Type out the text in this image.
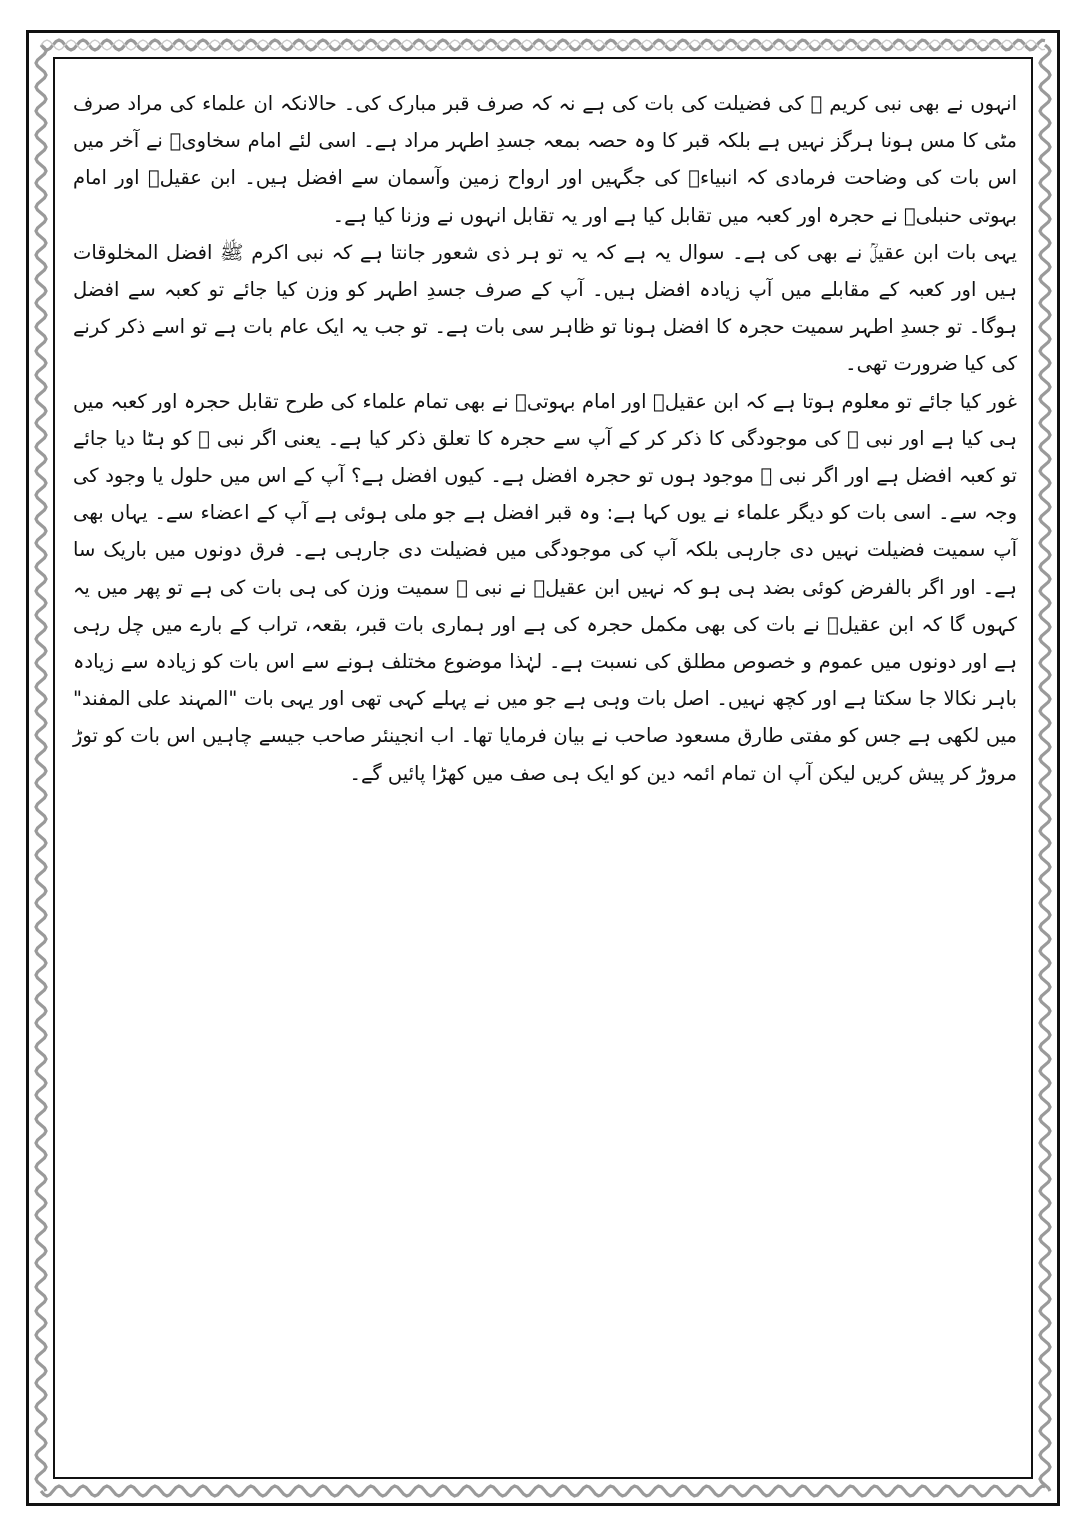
انہوں نے بھی نبی کریم ﷺ کی فضیلت کی بات کی ہے نہ کہ صرف قبر مبارک کی۔ حالانکہ ان علماء کی مراد صرف مٹی کا مس ہونا ہرگز نہیں ہے بلکہ قبر کا وہ حصہ بمعہ جسدِ اطہر مراد ہے۔ اسی لئے امام سخاویؒ نے آخر میں اس بات کی وضاحت فرمادی کہ انبیاءؑ کی جگہیں اور ارواح زمین وآسمان سے افضل ہیں۔ ابن عقیلؒ اور امام بہوتی حنبلیؒ نے حجرہ اور کعبہ میں تقابل کیا ہے اور یہ تقابل انہوں نے وزنا کیا ہے۔

یہی بات ابن عقیلؒ نے بھی کی ہے۔ سوال یہ ہے کہ یہ تو ہر ذی شعور جانتا ہے کہ نبی اکرم ﷺ افضل المخلوقات ہیں اور کعبہ کے مقابلے میں آپ زیادہ افضل ہیں۔ آپ کے صرف جسدِ اطہر کو وزن کیا جائے تو کعبہ سے افضل ہوگا۔ تو جسدِ اطہر سمیت حجرہ کا افضل ہونا تو ظاہر سی بات ہے۔ تو جب یہ ایک عام بات ہے تو اسے ذکر کرنے کی کیا ضرورت تھی۔

غور کیا جائے تو معلوم ہوتا ہے کہ ابن عقیلؒ اور امام بہوتیؒ نے بھی تمام علماء کی طرح تقابل حجرہ اور کعبہ میں ہی کیا ہے اور نبی ﷺ کی موجودگی کا ذکر کر کے آپ سے حجرہ کا تعلق ذکر کیا ہے۔ یعنی اگر نبی ﷺ کو ہٹا دیا جائے تو کعبہ افضل ہے اور اگر نبی ﷺ موجود ہوں تو حجرہ افضل ہے۔ کیوں افضل ہے؟ آپ کے اس میں حلول یا وجود کی وجہ سے۔ اسی بات کو دیگر علماء نے یوں کہا ہے: وہ قبر افضل ہے جو ملی ہوئی ہے آپ کے اعضاء سے۔ یہاں بھی آپ سمیت فضیلت نہیں دی جارہی بلکہ آپ کی موجودگی میں فضیلت دی جارہی ہے۔ فرق دونوں میں باریک سا ہے۔ اور اگر بالفرض کوئی بضد ہی ہو کہ نہیں ابن عقیلؒ نے نبی ﷺ سمیت وزن کی ہی بات کی ہے تو پھر میں یہ کہوں گا کہ ابن عقیلؒ نے بات کی بھی مکمل حجرہ کی ہے اور ہماری بات قبر، بقعہ، تراب کے بارے میں چل رہی ہے اور دونوں میں عموم و خصوص مطلق کی نسبت ہے۔ لہٰذا موضوع مختلف ہونے سے اس بات کو زیادہ سے زیادہ باہر نکالا جا سکتا ہے اور کچھ نہیں۔ اصل بات وہی ہے جو میں نے پہلے کہی تھی اور یہی بات "المہند علی المفند" میں لکھی ہے جس کو مفتی طارق مسعود صاحب نے بیان فرمایا تھا۔ اب انجینئر صاحب جیسے چاہیں اس بات کو توڑ مروڑ کر پیش کریں لیکن آپ ان تمام ائمہ دین کو ایک ہی صف میں کھڑا پائیں گے۔
